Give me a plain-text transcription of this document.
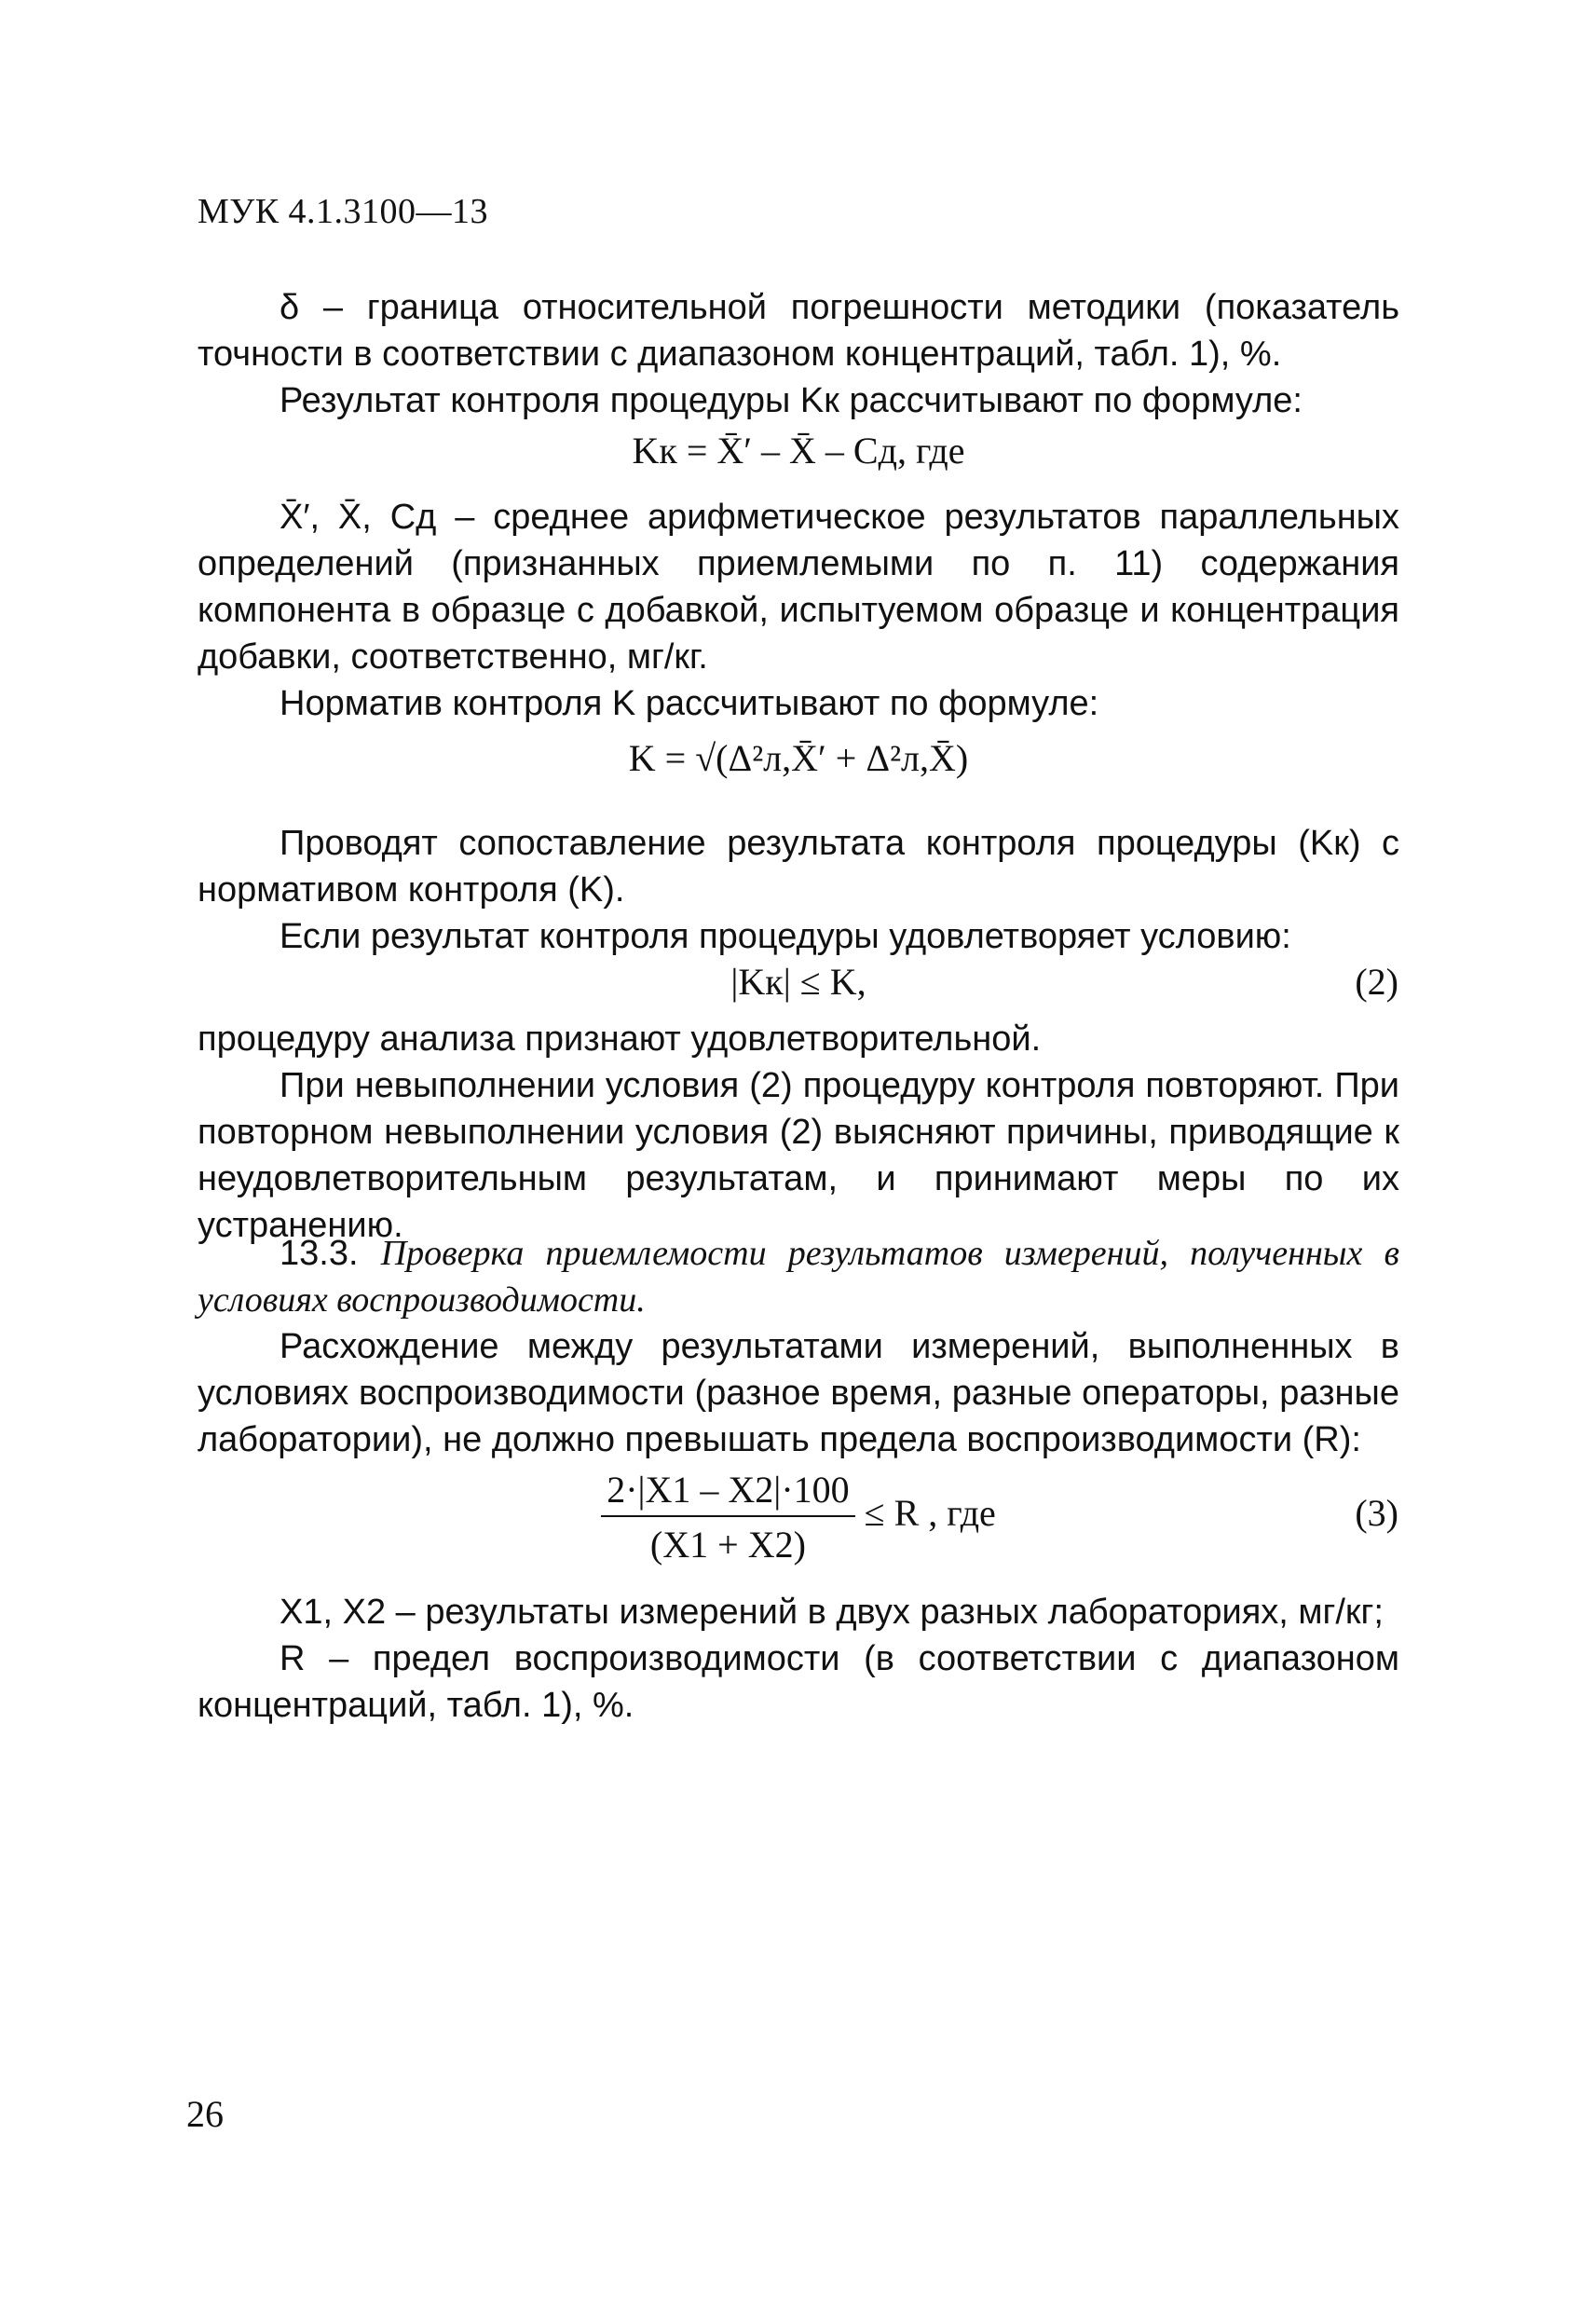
МУК 4.1.3100—13
δ – граница относительной погрешности методики (показатель точности в соответствии с диапазоном концентраций, табл. 1), %.
Результат контроля процедуры Kк рассчитывают по формуле:
Kк = X̄′ – X̄ – Cд, где
X̄′, X̄, Cд – среднее арифметическое результатов параллельных определений (признанных приемлемыми по п. 11) содержания компонента в образце с добавкой, испытуемом образце и концентрация добавки, соответственно, мг/кг.
Норматив контроля K рассчитывают по формуле:
K = √(Δ²л,X̄′ + Δ²л,X̄)
Проводят сопоставление результата контроля процедуры (Kк) с нормативом контроля (K).
Если результат контроля процедуры удовлетворяет условию:
|Kк| ≤ K,	(2)
процедуру анализа признают удовлетворительной.
При невыполнении условия (2) процедуру контроля повторяют. При повторном невыполнении условия (2) выясняют причины, приводящие к неудовлетворительным результатам, и принимают меры по их устранению.
13.3. Проверка приемлемости результатов измерений, полученных в условиях воспроизводимости.
Расхождение между результатами измерений, выполненных в условиях воспроизводимости (разное время, разные операторы, разные лаборатории), не должно превышать предела воспроизводимости (R):
$\frac{2\cdot|X1 - X2|\cdot 100}{(X1 + X2)} \le R$ , где	(3)
X1, X2 – результаты измерений в двух разных лабораториях, мг/кг;
R – предел воспроизводимости (в соответствии с диапазоном концентраций, табл. 1), %.
26
